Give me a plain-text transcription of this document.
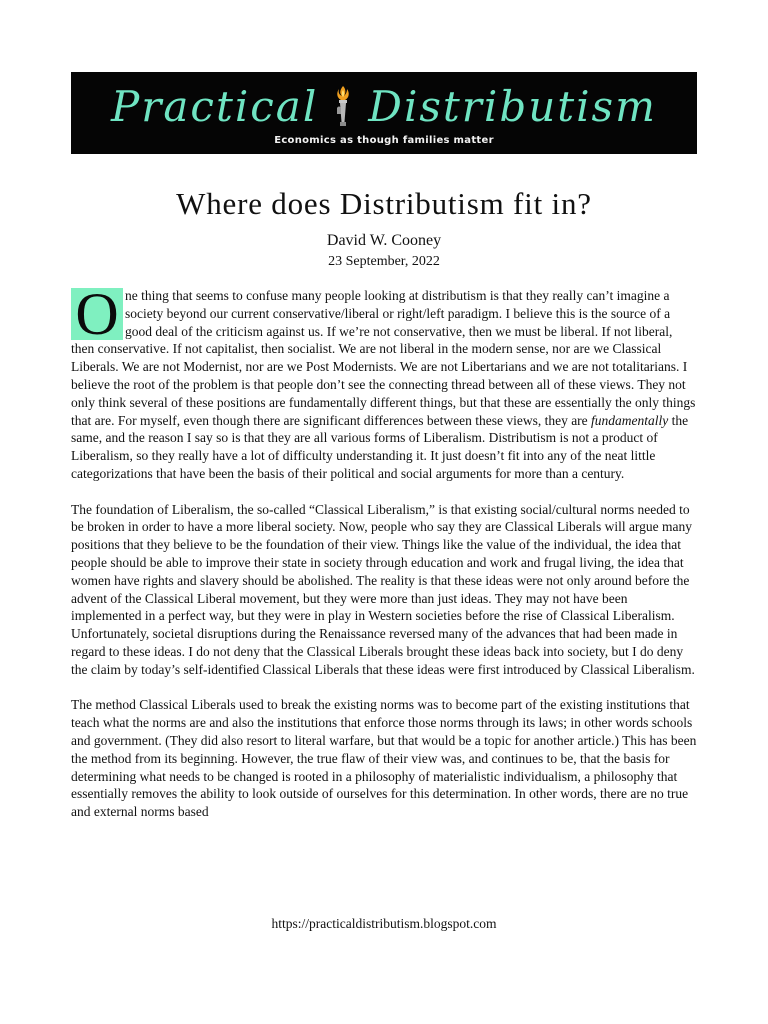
Practical Distributism
Economics as though families matter
Where does Distributism fit in?
David W. Cooney
23 September, 2022

O ne thing that seems to confuse many people looking at distributism is that they really can’t imagine a society beyond our current conservative/liberal or right/left paradigm. I believe this is the source of a good deal of the criticism against us. If we’re not conservative, then we must be liberal. If not liberal, then conservative. If not capitalist, then socialist. We are not liberal in the modern sense, nor are we Classical Liberals. We are not Modernist, nor are we Post Modernists. We are not Libertarians and we are not totalitarians. I believe the root of the problem is that people don’t see the connecting thread between all of these views. They not only think several of these positions are fundamentally different things, but that these are essentially the only things that are. For myself, even though there are significant differences between these views, they are fundamentally the same, and the reason I say so is that they are all various forms of Liberalism. Distributism is not a product of Liberalism, so they really have a lot of difficulty understanding it. It just doesn’t fit into any of the neat little categorizations that have been the basis of their political and social arguments for more than a century.

The foundation of Liberalism, the so-called “Classical Liberalism,” is that existing social/cultural norms needed to be broken in order to have a more liberal society. Now, people who say they are Classical Liberals will argue many positions that they believe to be the foundation of their view. Things like the value of the individual, the idea that people should be able to improve their state in society through education and work and frugal living, the idea that women have rights and slavery should be abolished. The reality is that these ideas were not only around before the advent of the Classical Liberal movement, but they were more than just ideas. They may not have been implemented in a perfect way, but they were in play in Western societies before the rise of Classical Liberalism. Unfortunately, societal disruptions during the Renaissance reversed many of the advances that had been made in regard to these ideas. I do not deny that the Classical Liberals brought these ideas back into society, but I do deny the claim by today’s self-identified Classical Liberals that these ideas were first introduced by Classical Liberalism.

The method Classical Liberals used to break the existing norms was to become part of the existing institutions that teach what the norms are and also the institutions that enforce those norms through its laws; in other words schools and government. (They did also resort to literal warfare, but that would be a topic for another article.) This has been the method from its beginning. However, the true flaw of their view was, and continues to be, that the basis for determining what needs to be changed is rooted in a philosophy of materialistic individualism, a philosophy that essentially removes the ability to look outside of ourselves for this determination. In other words, there are no true and external norms based

https://practicaldistributism.blogspot.com
